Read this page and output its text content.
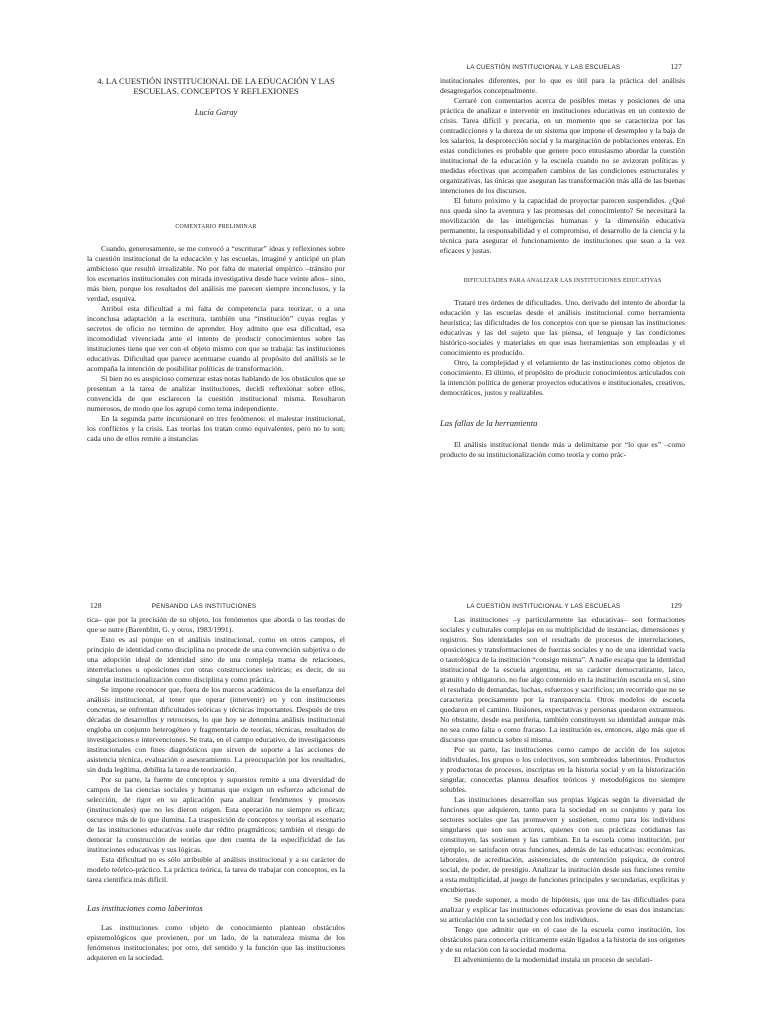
4. LA CUESTIÓN INSTITUCIONAL DE LA EDUCACIÓN Y LAS ESCUELAS. CONCEPTOS Y REFLEXIONES
Lucía Garay
COMENTARIO PRELIMINAR

Cuando, generosamente, se me convocó a “escriturar” ideas y reflexiones sobre la cuestión institucional de la educación y las escuelas, imaginé y anticipé un plan ambicioso que resultó irrealizable. No por falta de material empírico –tránsito por los escenarios institucionales con mirada investigativa desde hace veinte años– sino, más bien, porque los resultados del análisis me parecen siempre inconclusos, y la verdad, esquiva.

Atribuí esta dificultad a mi falta de competencia para teorizar, o a una inconclusa adaptación a la escritura, también una “institución” cuyas reglas y secretos de oficio no termino de aprender. Hoy admito que esa dificultad, esa incomodidad vivenciada ante el intento de producir conocimientos sobre las instituciones tiene que ver con el objeto mismo con que se trabaja: las instituciones educativas. Dificultad que parece acentuarse cuando al propósito del análisis se le acompaña la intención de posibilitar políticas de transformación.

Si bien no es auspicioso comenzar estas notas hablando de los obstáculos que se presentan a la tarea de analizar instituciones, decidí reflexionar sobre ellos, convencida de que esclarecen la cuestión institucional misma. Resultaron numerosos, de modo que los agrupé como tema independiente.

En la segunda parte incursionaré en tres fenómenos: el malestar institucional, los conflictos y la crisis. Las teorías los tratan como equivalentes, pero no lo son; cada uno de ellos remite a instancias

LA CUESTIÓN INSTITUCIONAL Y LAS ESCUELAS	127

institucionales diferentes, por lo que es útil para la práctica del análisis desagregarlos conceptualmente.

Cerraré con comentarios acerca de posibles metas y posiciones de una práctica de analizar e intervenir en instituciones educativas en un contexto de crisis. Tarea difícil y precaria, en un momento que se caracteriza por las contradicciones y la dureza de un sistema que impone el desempleo y la baja de los salarios, la desprotección social y la marginación de poblaciones enteras. En estas condiciones es probable que genere poco entusiasmo abordar la cuestión institucional de la educación y la escuela cuando no se avizoran políticas y medidas efectivas que acompañen cambios de las condiciones estructurales y organizativas, las únicas que aseguran las transformación más allá de las buenas intenciones de los discursos.

El futuro próximo y la capacidad de proyectar parecen suspendidos. ¿Qué nos queda sino la aventura y las promesas del conocimiento? Se necesitará la movilización de las inteligencias humanas y la dimensión educativa permanente, la responsabilidad y el compromiso, el desarrollo de la ciencia y la técnica para asegurar el funcionamiento de instituciones que sean a la vez eficaces y justas.

DIFICULTADES PARA ANALIZAR LAS INSTITUCIONES EDUCATIVAS

Trataré tres órdenes de dificultades. Uno, derivado del intento de abordar la educación y las escuelas desde el análisis institucional como herramienta heurística; las dificultades de los conceptos con que se piensan las instituciones educativas y las del sujeto que las piensa, el lenguaje y las condiciones histórico-sociales y materiales en que esas herramientas son empleadas y el conocimiento es producido.

Otro, la complejidad y el velamiento de las instituciones como objetos de conocimiento. El último, el propósito de producir conocimientos articulados con la intención política de generar proyectos educativos e institucionales, creativos, democráticos, justos y realizables.

Las fallas de la herramienta

El análisis institucional tiende más a delimitarse por “lo que es” –como producto de su institucionalización como teoría y como prác-

128	PENSANDO LAS INSTITUCIONES

tica– que por la precisión de su objeto, los fenómenos que aborda o las teorías de que se nutre (Barenblitt, G. y otros, 1983/1991).

Esto es así porque en el análisis institucional, como en otros campos, el principio de identidad como disciplina no procede de una convención subjetiva o de una adopción ideal de identidad sino de una compleja trama de relaciones, interrelaciones u oposiciones con otras construcciones teóricas; es decir, de su singular institucionalización como disciplina y como práctica.

Se impone reconocer que, fuera de los marcos académicos de la enseñanza del análisis institucional, al tener que operar (intervenir) en y con instituciones concretas, se enfrentan dificultades teóricas y técnicas importantes. Después de tres décadas de desarrollos y retrocesos, lo que hoy se denomina análisis institucional engloba un conjunto heterogéneo y fragmentario de teorías, técnicas, resultados de investigaciones e intervenciones. Se trata, en el campo educativo, de investigaciones institucionales con fines diagnósticos que sirven de soporte a las acciones de asistencia técnica, evaluación o asesoramiento. La preocupación por los resultados, sin duda legítima, debilita la tarea de teorización.

Por su parte, la fuente de conceptos y supuestos remite a una diversidad de campos de las ciencias sociales y humanas que exigen un esfuerzo adicional de selección, de rigor en su aplicación para analizar fenómenos y procesos (institucionales) que no les dieron origen. Esta operación no siempre es eficaz; oscurece más de lo que ilumina. La trasposición de conceptos y teorías al escenario de las instituciones educativas suele dar rédito pragmáticos; también el riesgo de demorar la construcción de teorías que den cuenta de la especificidad de las instituciones educativas y sus lógicas.

Esta dificultad no es sólo atribuible al análisis institucional y a su carácter de modelo teórico-práctico. La práctica teórica, la tarea de trabajar con conceptos, es la tarea científica más difícil.

Las instituciones como laberintos

Las instituciones como objeto de conocimiento plantean obstáculos epistemológicos que provienen, por un lado, de la naturaleza misma de los fenómenos institucionales; por otro, del sentido y la función que las instituciones adquieren en la sociedad.

LA CUESTIÓN INSTITUCIONAL Y LAS ESCUELAS	129

Las instituciones –y particularmente las educativas– son formaciones sociales y culturales complejas en su multiplicidad de instancias, dimensiones y registros. Sus identidades son el resultado de procesos de interrelaciones, oposiciones y transformaciones de fuerzas sociales y no de una identidad vacía o tautológica de la institución “consigo misma”. A nadie escapa que la identidad institucional de la escuela argentina, en su carácter democratizante, laico, gratuito y obligatorio, no fue algo contenido en la institución escuela en sí, sino el resultado de demandas, luchas, esfuerzos y sacrificios; un recorrido que no se caracteriza precisamente por la transparencia. Otros modelos de escuela quedaron en el camino. Ilusiones, expectativas y personas quedaron extramuros. No obstante, desde esa periferia, también constituyen su identidad aunque más no sea como falta o como fracaso. La institución es, entonces, algo más que el discurso que enuncia sobre sí misma.

Por su parte, las instituciones como campo de acción de los sujetos individuales, los grupos o los colectivos, son sombreados laberintos. Productos y productoras de procesos, inscriptas en la historia social y en la historización singular, conocerlas plantea desafíos teóricos y metodológicos no siempre solubles.

Las instituciones desarrollan sus propias lógicas según la diversidad de funciones que adquieren, tanto para la sociedad en su conjunto y para los sectores sociales que las promueven y sostienen, como para los individuos singulares que son sus actores, quienes con sus prácticas cotidianas las constituyen, las sostienen y las cambian. En la escuela como institución, por ejemplo, se satisfacen otras funciones, además de las educativas: económicas, laborales, de acreditación, asistenciales, de contención psíquica, de control social, de poder, de prestigio. Analizar la institución desde sus funciones remite a esta multiplicidad, al juego de funciones principales y secundarias, explícitas y encubiertas.

Se puede suponer, a modo de hipótesis, que una de las dificultades para analizar y explicar las instituciones educativas proviene de esas dos instancias: su articulación con la sociedad y con los individuos.

Tengo que admitir que en el caso de la escuela como institución, los obstáculos para conocerla críticamente están ligados a la historia de sus orígenes y de su relación con la sociedad moderna.

El advenimiento de la modernidad instala un proceso de seculari-
